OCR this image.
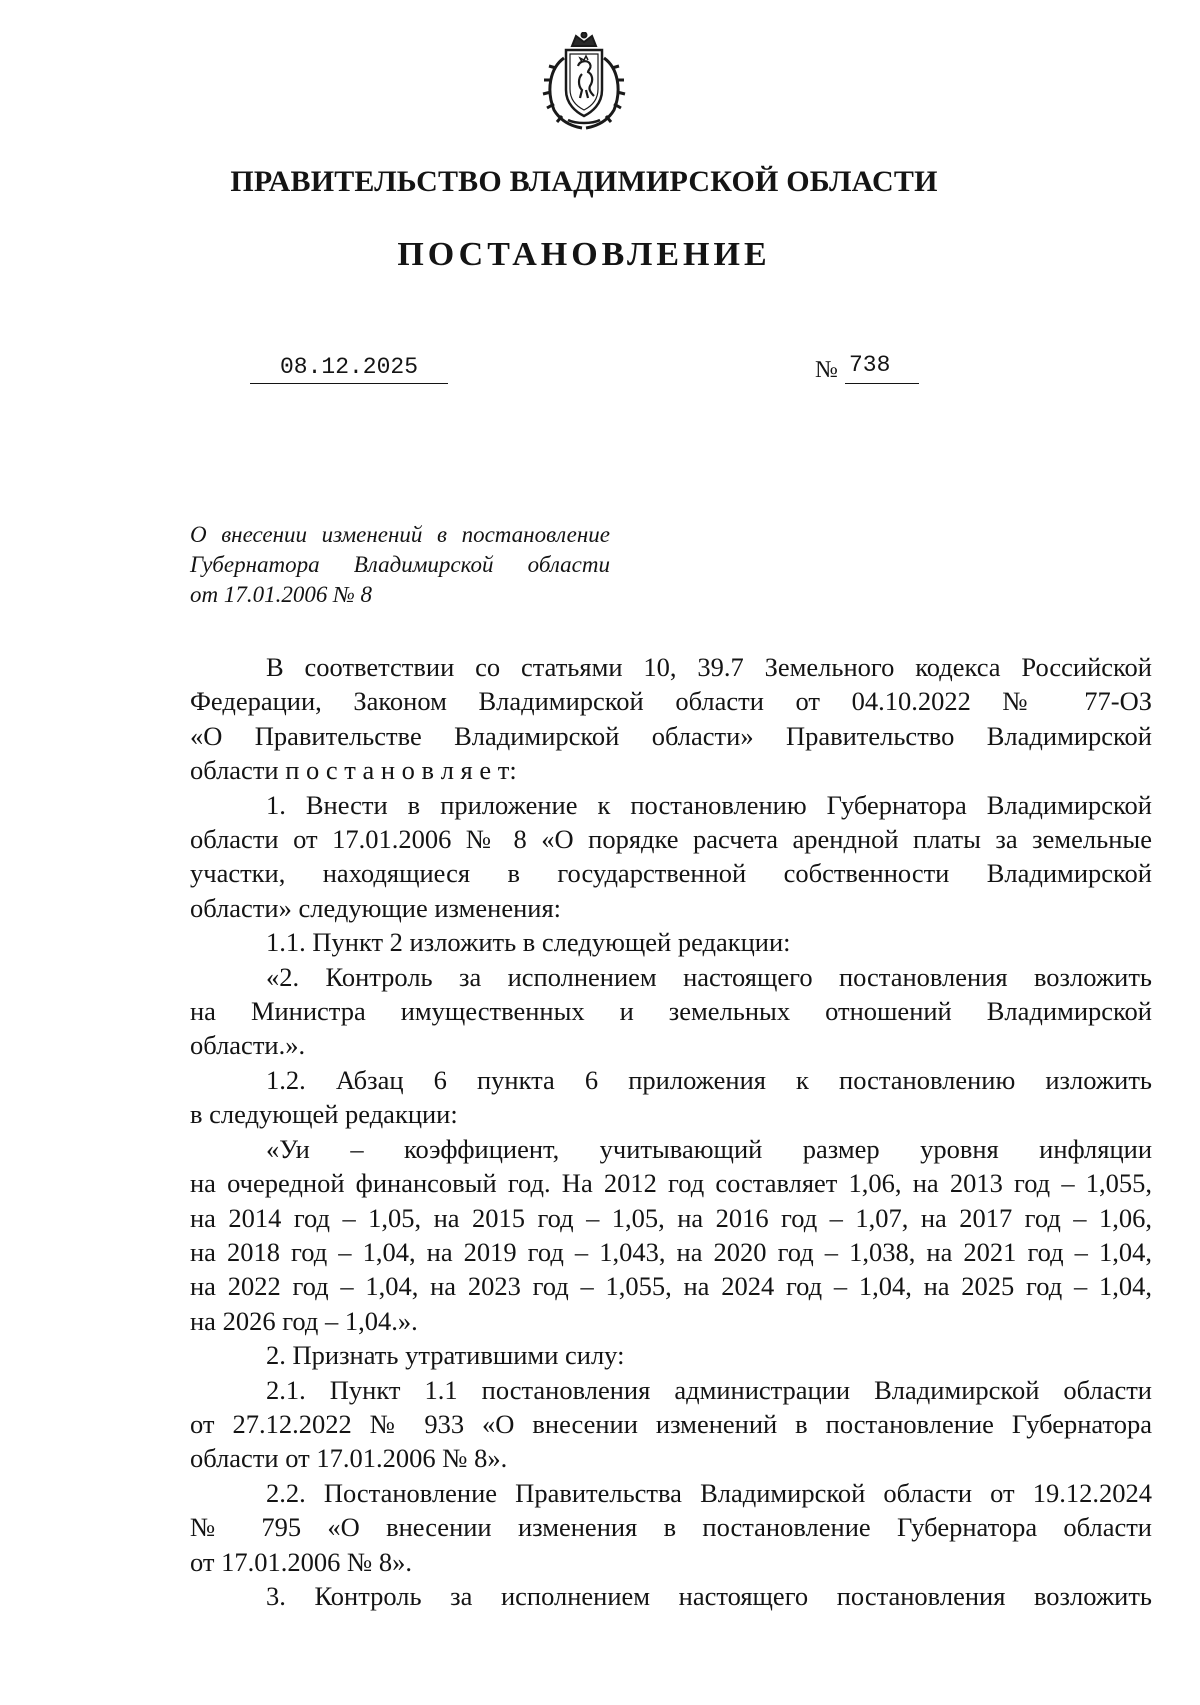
ПРАВИТЕЛЬСТВО ВЛАДИМИРСКОЙ ОБЛАСТИ
ПОСТАНОВЛЕНИЕ
08.12.2025	№ 738
О внесении изменений в постановление
Губернатора Владимирской области
от 17.01.2006 № 8
В соответствии со статьями 10, 39.7 Земельного кодекса Российской
Федерации, Законом Владимирской области от 04.10.2022 № 77-ОЗ
«О Правительстве Владимирской области» Правительство Владимирской
области п о с т а н о в л я е т:
1. Внести в приложение к постановлению Губернатора Владимирской
области от 17.01.2006 № 8 «О порядке расчета арендной платы за земельные
участки, находящиеся в государственной собственности Владимирской
области» следующие изменения:
1.1. Пункт 2 изложить в следующей редакции:
«2. Контроль за исполнением настоящего постановления возложить
на Министра имущественных и земельных отношений Владимирской
области.».
1.2. Абзац 6 пункта 6 приложения к постановлению изложить
в следующей редакции:
«Уи – коэффициент, учитывающий размер уровня инфляции
на очередной финансовый год. На 2012 год составляет 1,06, на 2013 год – 1,055,
на 2014 год – 1,05, на 2015 год – 1,05, на 2016 год – 1,07, на 2017 год – 1,06,
на 2018 год – 1,04, на 2019 год – 1,043, на 2020 год – 1,038, на 2021 год – 1,04,
на 2022 год – 1,04, на 2023 год – 1,055, на 2024 год – 1,04, на 2025 год – 1,04,
на 2026 год – 1,04.».
2. Признать утратившими силу:
2.1. Пункт 1.1 постановления администрации Владимирской области
от 27.12.2022 № 933 «О внесении изменений в постановление Губернатора
области от 17.01.2006 № 8».
2.2. Постановление Правительства Владимирской области от 19.12.2024
№ 795 «О внесении изменения в постановление Губернатора области
от 17.01.2006 № 8».
3. Контроль за исполнением настоящего постановления возложить
